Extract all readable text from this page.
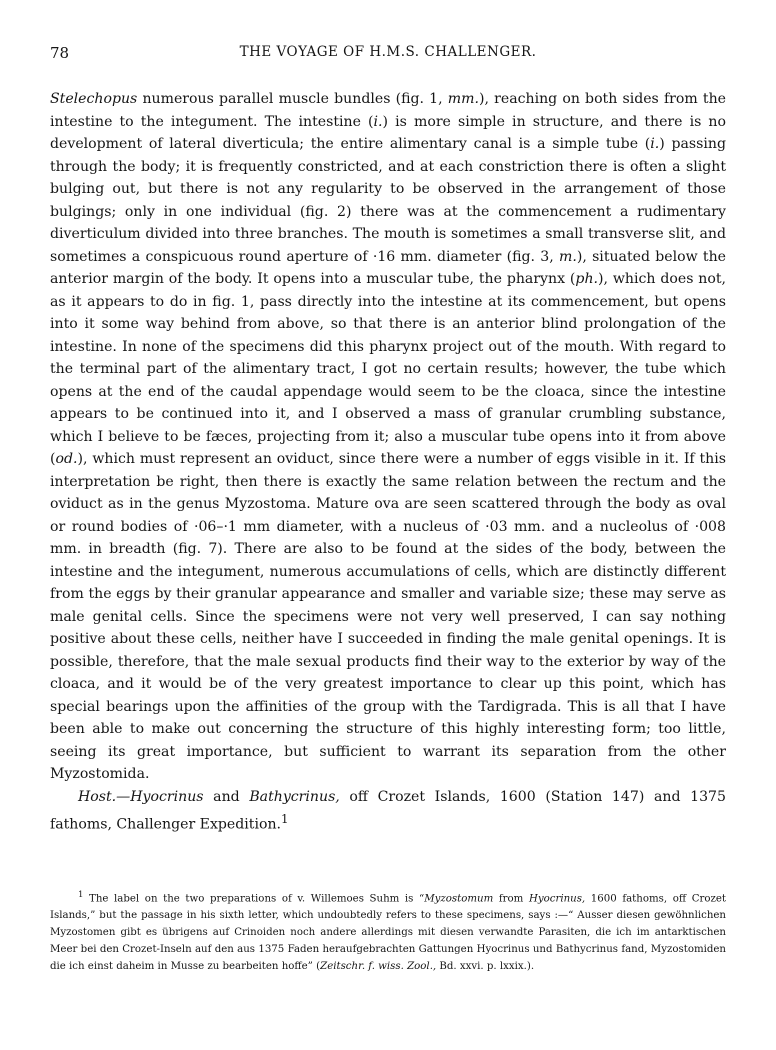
78	THE VOYAGE OF H.M.S. CHALLENGER.

Stelechopus numerous parallel muscle bundles (fig. 1, mm.), reaching on both sides from the intestine to the integument. The intestine (i.) is more simple in structure, and there is no development of lateral diverticula; the entire alimentary canal is a simple tube (i.) passing through the body; it is frequently constricted, and at each constriction there is often a slight bulging out, but there is not any regularity to be observed in the arrangement of those bulgings; only in one individual (fig. 2) there was at the commencement a rudimentary diverticulum divided into three branches. The mouth is sometimes a small transverse slit, and sometimes a conspicuous round aperture of ·16 mm. diameter (fig. 3, m.), situated below the anterior margin of the body. It opens into a muscular tube, the pharynx (ph.), which does not, as it appears to do in fig. 1, pass directly into the intestine at its commencement, but opens into it some way behind from above, so that there is an anterior blind prolongation of the intestine. In none of the specimens did this pharynx project out of the mouth. With regard to the terminal part of the alimentary tract, I got no certain results; however, the tube which opens at the end of the caudal appendage would seem to be the cloaca, since the intestine appears to be continued into it, and I observed a mass of granular crumbling substance, which I believe to be fæces, projecting from it; also a muscular tube opens into it from above (od.), which must represent an oviduct, since there were a number of eggs visible in it. If this interpretation be right, then there is exactly the same relation between the rectum and the oviduct as in the genus Myzostoma. Mature ova are seen scattered through the body as oval or round bodies of ·06–·1 mm diameter, with a nucleus of ·03 mm. and a nucleolus of ·008 mm. in breadth (fig. 7). There are also to be found at the sides of the body, between the intestine and the integument, numerous accumulations of cells, which are distinctly different from the eggs by their granular appearance and smaller and variable size; these may serve as male genital cells. Since the specimens were not very well preserved, I can say nothing positive about these cells, neither have I succeeded in finding the male genital openings. It is possible, therefore, that the male sexual products find their way to the exterior by way of the cloaca, and it would be of the very greatest importance to clear up this point, which has special bearings upon the affinities of the group with the Tardigrada. This is all that I have been able to make out concerning the structure of this highly interesting form; too little, seeing its great importance, but sufficient to warrant its separation from the other Myzostomida.

Host.—Hyocrinus and Bathycrinus, off Crozet Islands, 1600 (Station 147) and 1375 fathoms, Challenger Expedition.$^1$

$^1$ The label on the two preparations of v. Willemoes Suhm is “Myzostomum from Hyocrinus, 1600 fathoms, off Crozet Islands,” but the passage in his sixth letter, which undoubtedly refers to these specimens, says :—“ Ausser diesen gewöhnlichen Myzostomen gibt es übrigens auf Crinoiden noch andere allerdings mit diesen verwandte Parasiten, die ich im antarktischen Meer bei den Crozet-Inseln auf den aus 1375 Faden heraufgebrachten Gattungen Hyocrinus und Bathycrinus fand, Myzostomiden die ich einst daheim in Musse zu bearbeiten hoffe” (Zeitschr. f. wiss. Zool., Bd. xxvi. p. lxxix.).
